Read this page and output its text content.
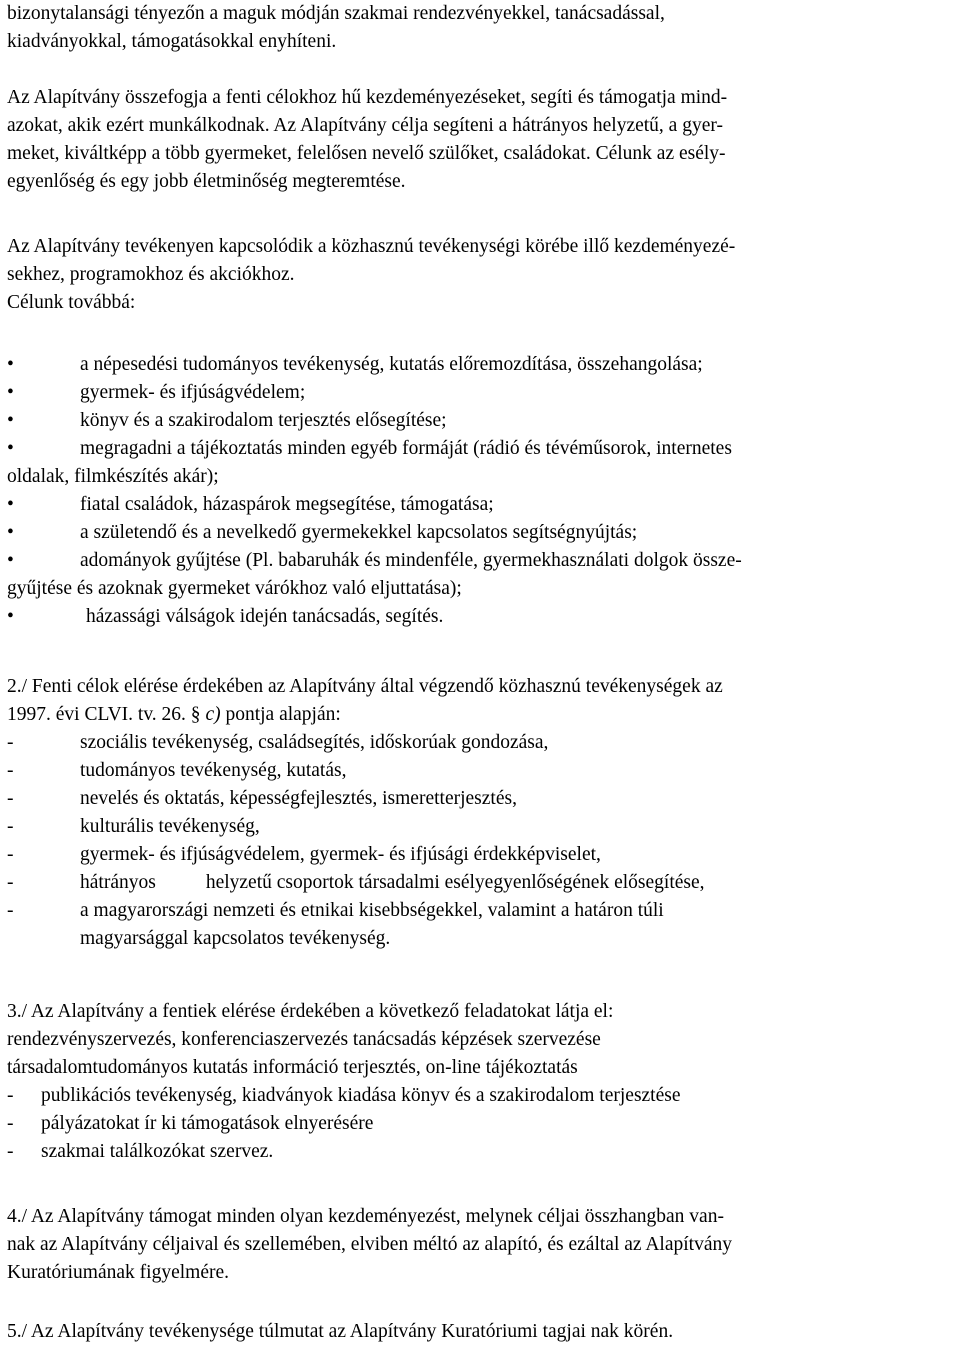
bizonytalansági tényezőn a maguk módján szakmai rendezvényekkel, tanácsadással,

kiadványokkal, támogatásokkal enyhíteni.

Az Alapítvány összefogja a fenti célokhoz hű kezdeményezéseket, segíti és támogatja mind-

azokat, akik ezért munkálkodnak. Az Alapítvány célja segíteni a hátrányos helyzetű, a gyer-

meket, kiváltképp a több gyermeket, felelősen nevelő szülőket, családokat. Célunk az esély-

egyenlőség és egy jobb életminőség megteremtése.

Az Alapítvány tevékenyen kapcsolódik a közhasznú tevékenységi körébe illő kezdeményezé-

sekhez, programokhoz és akciókhoz.

Célunk továbbá:

•	a népesedési tudományos tevékenység, kutatás előremozdítása, összehangolása;
•	gyermek- és ifjúságvédelem;
•	könyv és a szakirodalom terjesztés elősegítése;
•	megragadni a tájékoztatás minden egyéb formáját (rádió és tévéműsorok, internetes
oldalak, filmkészítés akár);
•	fiatal családok, házaspárok megsegítése, támogatása;
•	a születendő és a nevelkedő gyermekekkel kapcsolatos segítségnyújtás;
•	adományok gyűjtése (Pl. babaruhák és mindenféle, gyermekhasználati dolgok össze-
gyűjtése és azoknak gyermeket várókhoz való eljuttatása);
•	házassági válságok idején tanácsadás, segítés.

2./ Fenti célok elérése érdekében az Alapítvány által végzendő közhasznú tevékenységek az

1997. évi CLVI. tv. 26. § c) pontja alapján:

-	szociális tevékenység, családsegítés, időskorúak gondozása,
-	tudományos tevékenység, kutatás,
-	nevelés és oktatás, képességfejlesztés, ismeretterjesztés,
-	kulturális tevékenység,
-	gyermek- és ifjúságvédelem, gyermek- és ifjúsági érdekképviselet,
-	hátrányos	helyzetű csoportok társadalmi esélyegyenlőségének elősegítése,
-	a magyarországi nemzeti és etnikai kisebbségekkel, valamint a határon túli
magyarsággal kapcsolatos tevékenység.

3./ Az Alapítvány a fentiek elérése érdekében a következő feladatokat látja el:

rendezvényszervezés, konferenciaszervezés tanácsadás képzések szervezése

társadalomtudományos kutatás információ terjesztés, on-line tájékoztatás

- publikációs tevékenység, kiadványok kiadása könyv és a szakirodalom terjesztése
- pályázatokat ír ki támogatások elnyerésére
- szakmai találkozókat szervez.

4./ Az Alapítvány támogat minden olyan kezdeményezést, melynek céljai összhangban van-

nak az Alapítvány céljaival és szellemében, elviben méltó az alapító, és ezáltal az Alapítvány

Kuratóriumának figyelmére.

5./ Az Alapítvány tevékenysége túlmutat az Alapítvány Kuratóriumi tagjai nak körén.
